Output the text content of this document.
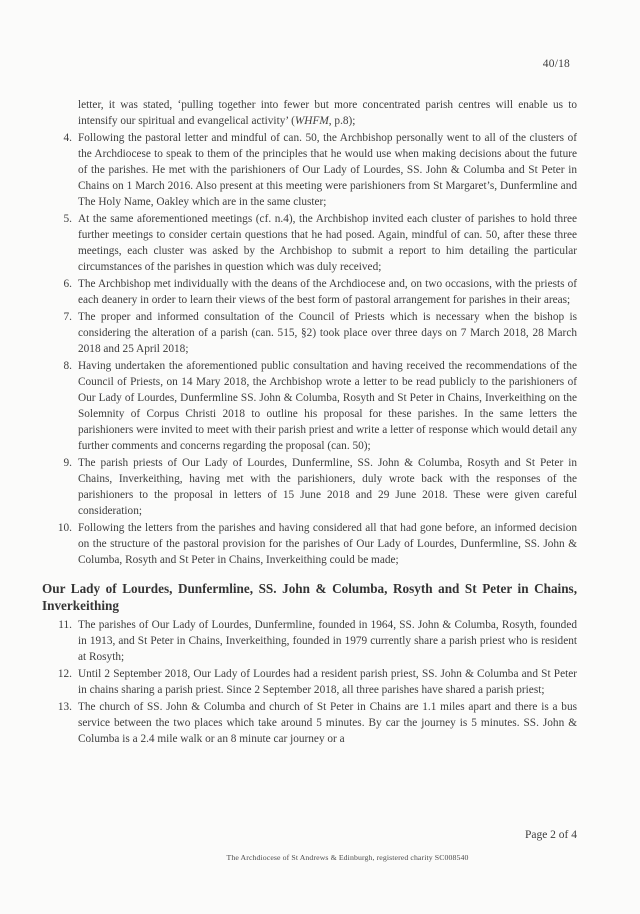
40/18

letter, it was stated, ‘pulling together into fewer but more concentrated parish centres will enable us to intensify our spiritual and evangelical activity’ (WHFM, p.8);

4. Following the pastoral letter and mindful of can. 50, the Archbishop personally went to all of the clusters of the Archdiocese to speak to them of the principles that he would use when making decisions about the future of the parishes. He met with the parishioners of Our Lady of Lourdes, SS. John & Columba and St Peter in Chains on 1 March 2016. Also present at this meeting were parishioners from St Margaret’s, Dunfermline and The Holy Name, Oakley which are in the same cluster;

5. At the same aforementioned meetings (cf. n.4), the Archbishop invited each cluster of parishes to hold three further meetings to consider certain questions that he had posed. Again, mindful of can. 50, after these three meetings, each cluster was asked by the Archbishop to submit a report to him detailing the particular circumstances of the parishes in question which was duly received;

6. The Archbishop met individually with the deans of the Archdiocese and, on two occasions, with the priests of each deanery in order to learn their views of the best form of pastoral arrangement for parishes in their areas;

7. The proper and informed consultation of the Council of Priests which is necessary when the bishop is considering the alteration of a parish (can. 515, §2) took place over three days on 7 March 2018, 28 March 2018 and 25 April 2018;

8. Having undertaken the aforementioned public consultation and having received the recommendations of the Council of Priests, on 14 Mary 2018, the Archbishop wrote a letter to be read publicly to the parishioners of Our Lady of Lourdes, Dunfermline SS. John & Columba, Rosyth and St Peter in Chains, Inverkeithing on the Solemnity of Corpus Christi 2018 to outline his proposal for these parishes. In the same letters the parishioners were invited to meet with their parish priest and write a letter of response which would detail any further comments and concerns regarding the proposal (can. 50);

9. The parish priests of Our Lady of Lourdes, Dunfermline, SS. John & Columba, Rosyth and St Peter in Chains, Inverkeithing, having met with the parishioners, duly wrote back with the responses of the parishioners to the proposal in letters of 15 June 2018 and 29 June 2018. These were given careful consideration;

10. Following the letters from the parishes and having considered all that had gone before, an informed decision on the structure of the pastoral provision for the parishes of Our Lady of Lourdes, Dunfermline, SS. John & Columba, Rosyth and St Peter in Chains, Inverkeithing could be made;

Our Lady of Lourdes, Dunfermline, SS. John & Columba, Rosyth and St Peter in Chains, Inverkeithing
11. The parishes of Our Lady of Lourdes, Dunfermline, founded in 1964, SS. John & Columba, Rosyth, founded in 1913, and St Peter in Chains, Inverkeithing, founded in 1979 currently share a parish priest who is resident at Rosyth;

12. Until 2 September 2018, Our Lady of Lourdes had a resident parish priest, SS. John & Columba and St Peter in chains sharing a parish priest. Since 2 September 2018, all three parishes have shared a parish priest;

13. The church of SS. John & Columba and church of St Peter in Chains are 1.1 miles apart and there is a bus service between the two places which take around 5 minutes. By car the journey is 5 minutes. SS. John & Columba is a 2.4 mile walk or an 8 minute car journey or a

Page 2 of 4
The Archdiocese of St Andrews & Edinburgh, registered charity SC008540
